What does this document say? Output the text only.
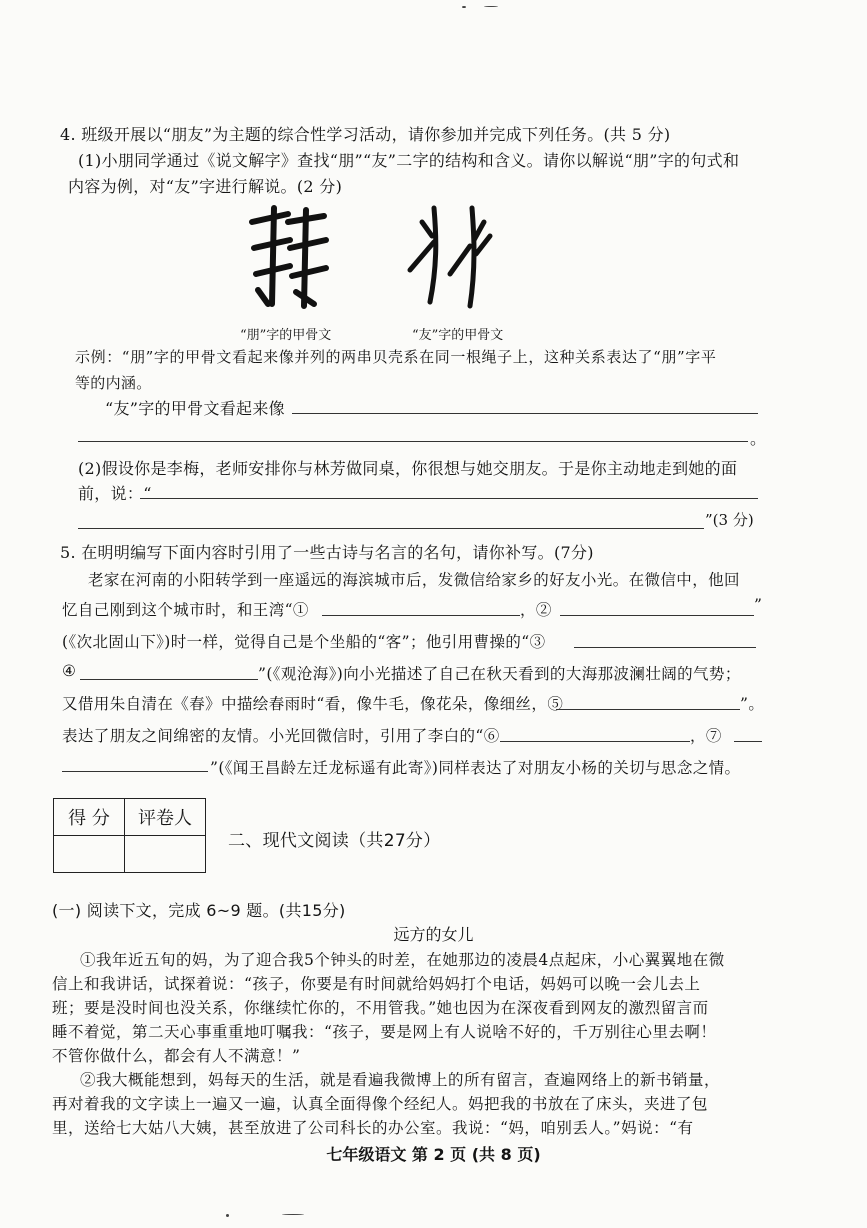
4. 班级开展以“朋友”为主题的综合性学习活动，请你参加并完成下列任务。(共 5 分)
(1)小朋同学通过《说文解字》查找“朋”“友”二字的结构和含义。请你以解说“朋”字的句式和
内容为例，对“友”字进行解说。(2 分)
“朋”字的甲骨文	“友”字的甲骨文
示例：“朋”字的甲骨文看起来像并列的两串贝壳系在同一根绳子上，这种关系表达了“朋”字平
等的内涵。
“友”字的甲骨文看起来像
。
(2)假设你是李梅，老师安排你与林芳做同桌，你很想与她交朋友。于是你主动地走到她的面
前，说：“
”(3 分)
5. 在明明编写下面内容时引用了一些古诗与名言的名句，请你补写。(7分)
老家在河南的小阳转学到一座遥远的海滨城市后，发微信给家乡的好友小光。在微信中，他回
忆自己刚到这个城市时，和王湾“①	，②	”
(《次北固山下》)时一样，觉得自己是个坐船的“客”；他引用曹操的“③
④	”(《观沧海》)向小光描述了自己在秋天看到的大海那波澜壮阔的气势；
又借用朱自清在《春》中描绘春雨时“看，像牛毛，像花朵，像细丝，⑤	”。
表达了朋友之间绵密的友情。小光回微信时，引用了李白的“⑥	，⑦
”(《闻王昌龄左迁龙标遥有此寄》)同样表达了对朋友小杨的关切与思念之情。
得 分	评卷人

二、现代文阅读（共27分）
(一) 阅读下文，完成 6~9 题。(共15分)
远方的女儿
①我年近五旬的妈，为了迎合我5个钟头的时差，在她那边的凌晨4点起床，小心翼翼地在微
信上和我讲话，试探着说：“孩子，你要是有时间就给妈妈打个电话，妈妈可以晚一会儿去上
班；要是没时间也没关系，你继续忙你的，不用管我。”她也因为在深夜看到网友的激烈留言而
睡不着觉，第二天心事重重地叮嘱我：“孩子，要是网上有人说啥不好的，千万别往心里去啊！
不管你做什么，都会有人不满意！”
②我大概能想到，妈每天的生活，就是看遍我微博上的所有留言，查遍网络上的新书销量，
再对着我的文字读上一遍又一遍，认真全面得像个经纪人。妈把我的书放在了床头，夹进了包
里，送给七大姑八大姨，甚至放进了公司科长的办公室。我说：“妈，咱别丢人。”妈说：“有
七年级语文 第 2 页 (共 8 页)
